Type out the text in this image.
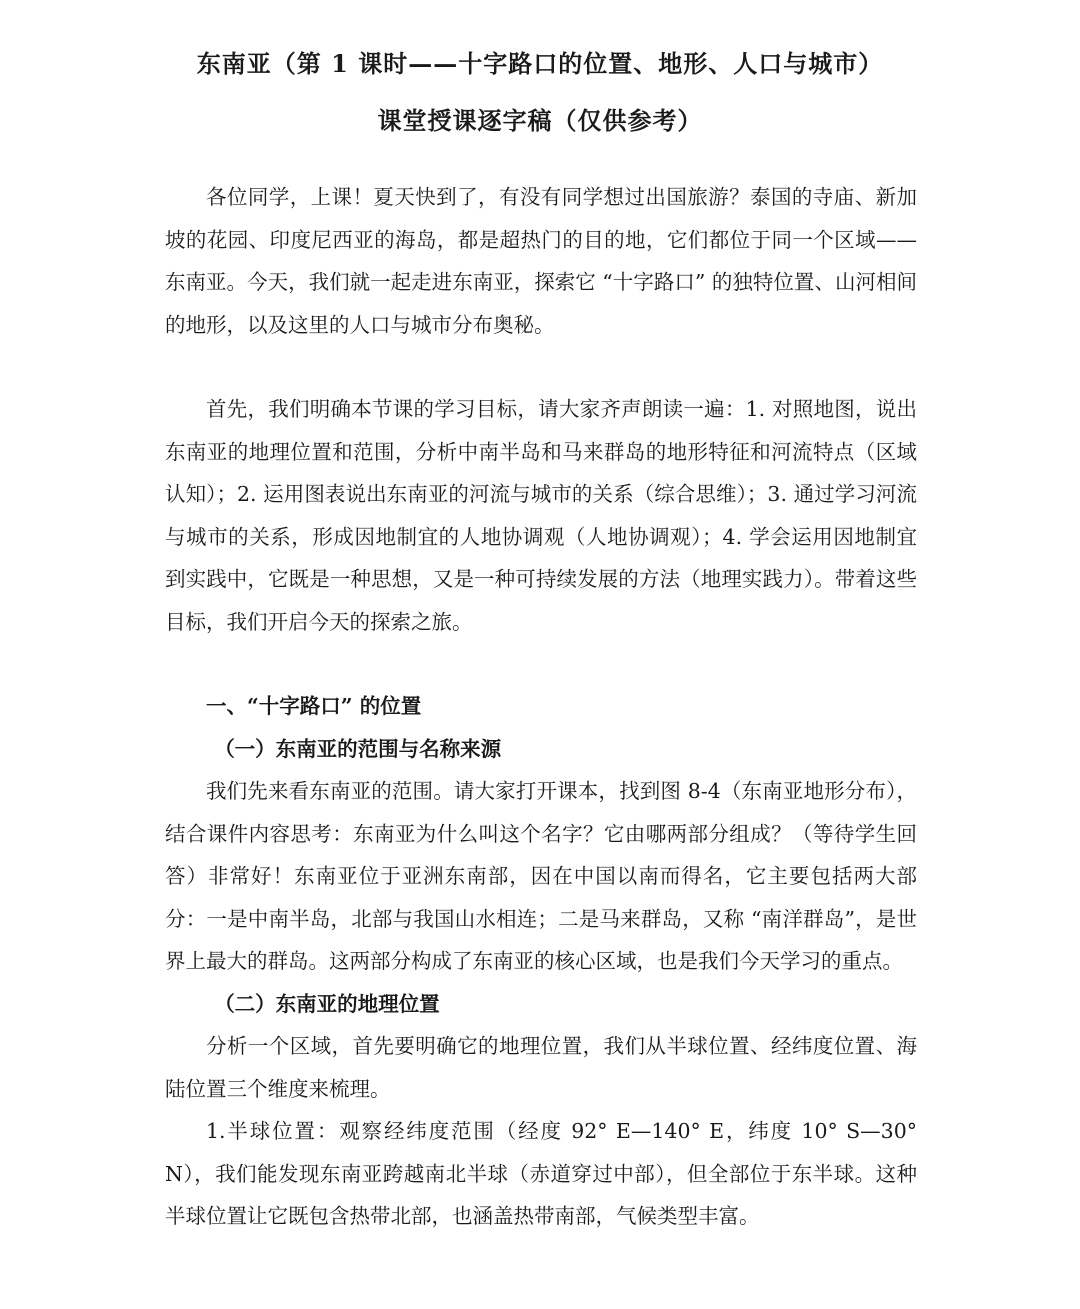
东南亚（第 1 课时——十字路口的位置、地形、人口与城市）
课堂授课逐字稿（仅供参考）

各位同学，上课！夏天快到了，有没有同学想过出国旅游？泰国的寺庙、新加坡的花园、印度尼西亚的海岛，都是超热门的目的地，它们都位于同一个区域—— 东南亚。今天，我们就一起走进东南亚，探索它 “十字路口” 的独特位置、山河相间的地形，以及这里的人口与城市分布奥秘。

首先，我们明确本节课的学习目标，请大家齐声朗读一遍：1. 对照地图，说出东南亚的地理位置和范围，分析中南半岛和马来群岛的地形特征和河流特点（区域认知）；2. 运用图表说出东南亚的河流与城市的关系（综合思维）；3. 通过学习河流与城市的关系，形成因地制宜的人地协调观（人地协调观）；4. 学会运用因地制宜到实践中，它既是一种思想，又是一种可持续发展的方法（地理实践力）。带着这些目标，我们开启今天的探索之旅。

一、“十字路口” 的位置

（一）东南亚的范围与名称来源

我们先来看东南亚的范围。请大家打开课本，找到图 8-4（东南亚地形分布），结合课件内容思考：东南亚为什么叫这个名字？它由哪两部分组成？（等待学生回答）非常好！东南亚位于亚洲东南部，因在中国以南而得名，它主要包括两大部分：一是中南半岛，北部与我国山水相连；二是马来群岛，又称 “南洋群岛”，是世界上最大的群岛。这两部分构成了东南亚的核心区域，也是我们今天学习的重点。

（二）东南亚的地理位置

分析一个区域，首先要明确它的地理位置，我们从半球位置、经纬度位置、海陆位置三个维度来梳理。

1.半球位置：观察经纬度范围（经度 92° E—140° E，纬度 10° S—30° N），我们能发现东南亚跨越南北半球（赤道穿过中部），但全部位于东半球。这种半球位置让它既包含热带北部，也涵盖热带南部，气候类型丰富。
